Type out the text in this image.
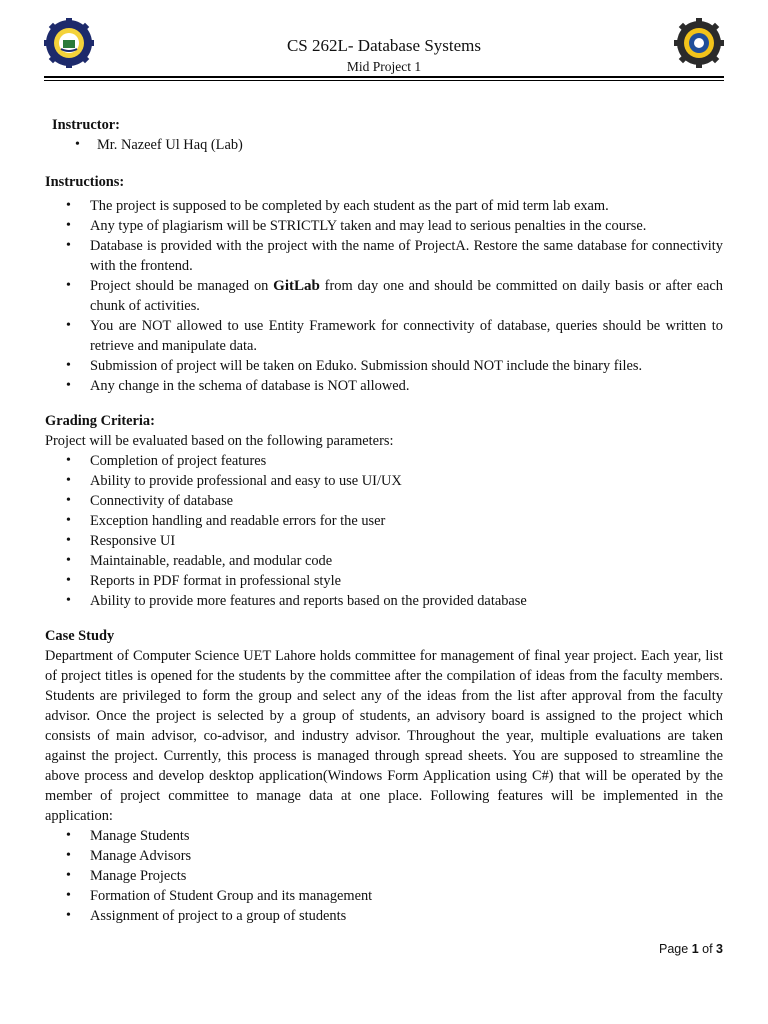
CS 262L- Database Systems
Mid Project 1

Instructor:

• Mr. Nazeef Ul Haq (Lab)

Instructions:

• The project is supposed to be completed by each student as the part of mid term lab exam.
• Any type of plagiarism will be STRICTLY taken and may lead to serious penalties in the course.
• Database is provided with the project with the name of ProjectA. Restore the same database for connectivity with the frontend.
• Project should be managed on GitLab from day one and should be committed on daily basis or after each chunk of activities.
• You are NOT allowed to use Entity Framework for connectivity of database, queries should be written to retrieve and manipulate data.
• Submission of project will be taken on Eduko. Submission should NOT include the binary files.
• Any change in the schema of database is NOT allowed.

Grading Criteria:

Project will be evaluated based on the following parameters:

• Completion of project features
• Ability to provide professional and easy to use UI/UX
• Connectivity of database
• Exception handling and readable errors for the user
• Responsive UI
• Maintainable, readable, and modular code
• Reports in PDF format in professional style
• Ability to provide more features and reports based on the provided database

Case Study

Department of Computer Science UET Lahore holds committee for management of final year project. Each year, list of project titles is opened for the students by the committee after the compilation of ideas from the faculty members. Students are privileged to form the group and select any of the ideas from the list after approval from the faculty advisor. Once the project is selected by a group of students, an advisory board is assigned to the project which consists of main advisor, co-advisor, and industry advisor. Throughout the year, multiple evaluations are taken against the project. Currently, this process is managed through spread sheets. You are supposed to streamline the above process and develop desktop application(Windows Form Application using C#) that will be operated by the member of project committee to manage data at one place. Following features will be implemented in the application:

• Manage Students
• Manage Advisors
• Manage Projects
• Formation of Student Group and its management
• Assignment of project to a group of students
Page 1 of 3
